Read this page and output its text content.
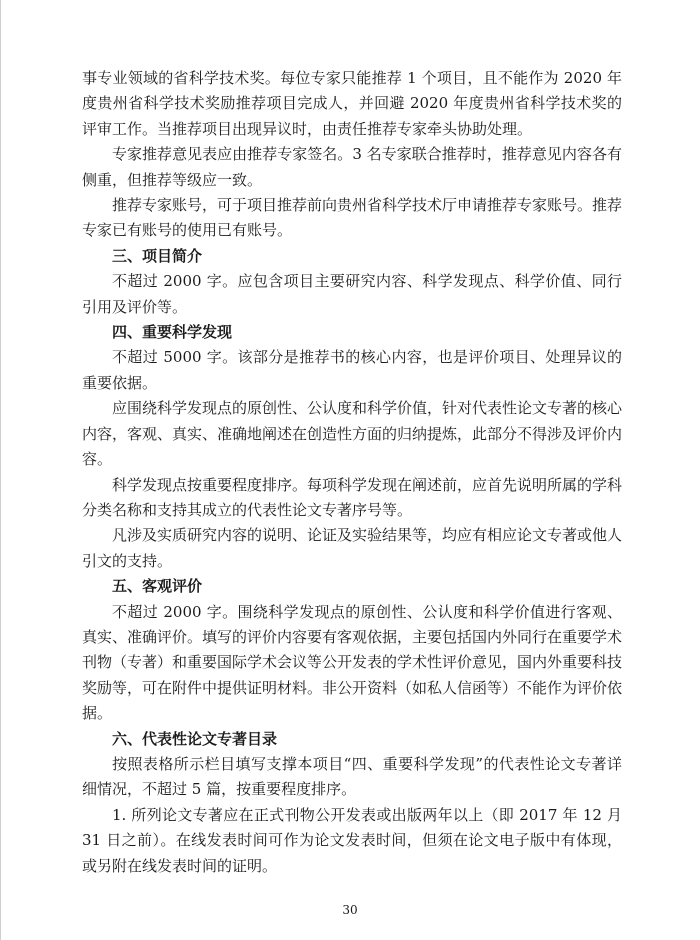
事专业领域的省科学技术奖。每位专家只能推荐 1 个项目，且不能作为 2020 年度贵州省科学技术奖励推荐项目完成人，并回避 2020 年度贵州省科学技术奖的评审工作。当推荐项目出现异议时，由责任推荐专家牵头协助处理。

专家推荐意见表应由推荐专家签名。3 名专家联合推荐时，推荐意见内容各有侧重，但推荐等级应一致。

推荐专家账号，可于项目推荐前向贵州省科学技术厅申请推荐专家账号。推荐专家已有账号的使用已有账号。

三、项目简介

不超过 2000 字。应包含项目主要研究内容、科学发现点、科学价值、同行引用及评价等。

四、重要科学发现

不超过 5000 字。该部分是推荐书的核心内容，也是评价项目、处理异议的重要依据。

应围绕科学发现点的原创性、公认度和科学价值，针对代表性论文专著的核心内容，客观、真实、准确地阐述在创造性方面的归纳提炼，此部分不得涉及评价内容。

科学发现点按重要程度排序。每项科学发现在阐述前，应首先说明所属的学科分类名称和支持其成立的代表性论文专著序号等。

凡涉及实质研究内容的说明、论证及实验结果等，均应有相应论文专著或他人引文的支持。

五、客观评价

不超过 2000 字。围绕科学发现点的原创性、公认度和科学价值进行客观、真实、准确评价。填写的评价内容要有客观依据，主要包括国内外同行在重要学术刊物（专著）和重要国际学术会议等公开发表的学术性评价意见，国内外重要科技奖励等，可在附件中提供证明材料。非公开资料（如私人信函等）不能作为评价依据。

六、代表性论文专著目录

按照表格所示栏目填写支撑本项目“四、重要科学发现”的代表性论文专著详细情况，不超过 5 篇，按重要程度排序。

1. 所列论文专著应在正式刊物公开发表或出版两年以上（即 2017 年 12 月 31 日之前）。在线发表时间可作为论文发表时间，但须在论文电子版中有体现，或另附在线发表时间的证明。

30
